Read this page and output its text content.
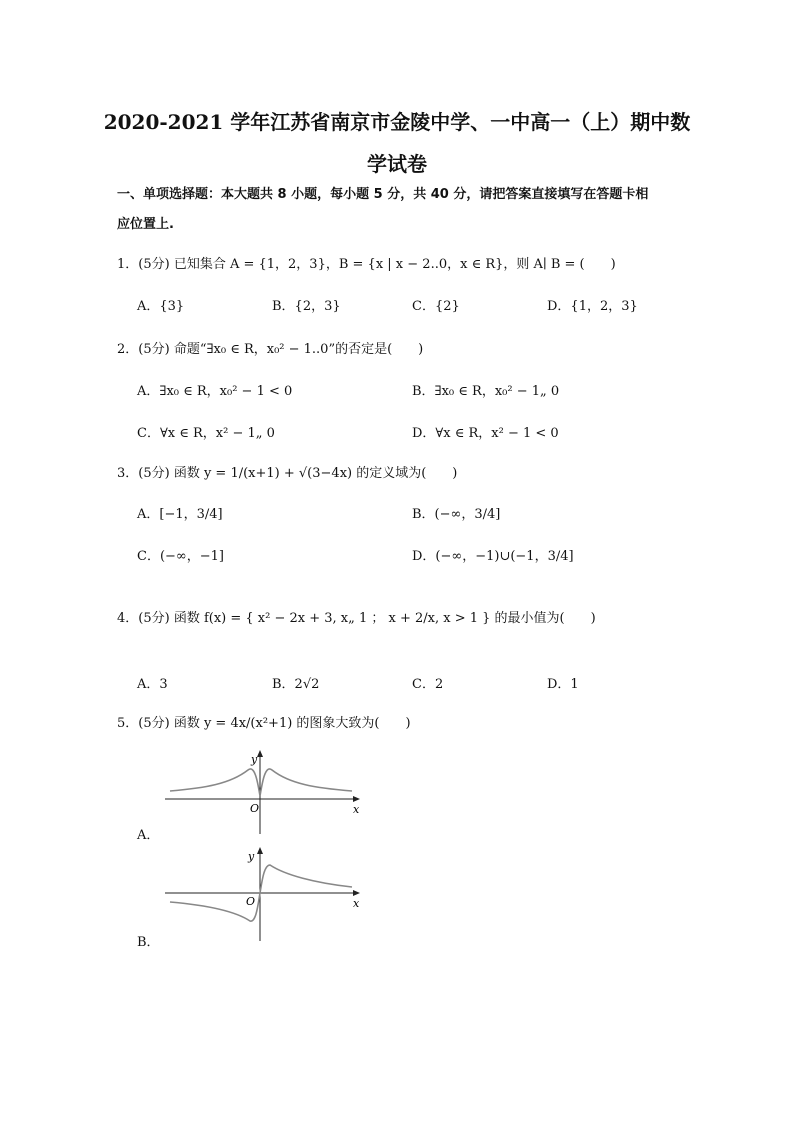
2020-2021 学年江苏省南京市金陵中学、一中高一（上）期中数
学试卷
一、单项选择题：本大题共 8 小题，每小题 5 分，共 40 分，请把答案直接填写在答题卡相
应位置上.
1．(5分) 已知集合 A = {1，2，3}，B = {x | x − 2..0，x ∈ R}，则 A∣ B = (　　)
A．{3}	B．{2，3}	C．{2}	D．{1，2，3}
2．(5分) 命题“∃x₀ ∈ R，x₀² − 1..0”的否定是(　　)
A．∃x₀ ∈ R，x₀² − 1 < 0	B．∃x₀ ∈ R，x₀² − 1„ 0
C．∀x ∈ R，x² − 1„ 0	D．∀x ∈ R，x² − 1 < 0
3．(5分) 函数 y = 1/(x+1) + √(3−4x) 的定义域为(　　)
A．[−1，3/4]	B．(−∞，3/4]
C．(−∞，−1]	D．(−∞，−1)∪(−1，3/4]
4．(5分) 函数 f(x) = { x² − 2x + 3, x„ 1 ； x + 2/x, x > 1 } 的最小值为(　　)
A．3	B．2√2	C．2	D．1
5．(5分) 函数 y = 4x/(x²+1) 的图象大致为(　　)
y
O	x
A．
y
O	x
B．
